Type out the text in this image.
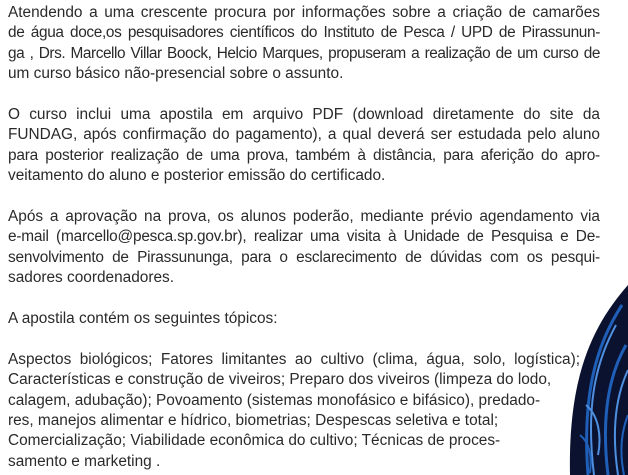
Atendendo a uma crescente procura por informações sobre a criação de camarões
de água doce,os pesquisadores científicos do Instituto de Pesca / UPD de Pirassunun-
ga , Drs. Marcello Villar Boock, Helcio Marques, propuseram a realização de um curso de
um curso básico não-presencial sobre o assunto.

O curso inclui uma apostila em arquivo PDF (download diretamente do site da
FUNDAG, após confirmação do pagamento), a qual deverá ser estudada pelo aluno
para posterior realização de uma prova, também à distância, para aferição do apro-
veitamento do aluno e posterior emissão do certificado.

Após a aprovação na prova, os alunos poderão, mediante prévio agendamento via
e-mail (marcello@pesca.sp.gov.br), realizar uma visita à Unidade de Pesquisa e De-
senvolvimento de Pirassununga, para o esclarecimento de dúvidas com os pesqui-
sadores coordenadores.

A apostila contém os seguintes tópicos:

Aspectos biológicos; Fatores limitantes ao cultivo (clima, água, solo, logística);
Características e construção de viveiros; Preparo dos viveiros (limpeza do lodo,
calagem, adubação); Povoamento (sistemas monofásico e bifásico), predado-
res, manejos alimentar e hídrico, biometrias; Despescas seletiva e total;
Comercialização; Viabilidade econômica do cultivo; Técnicas de proces-
samento e marketing .
